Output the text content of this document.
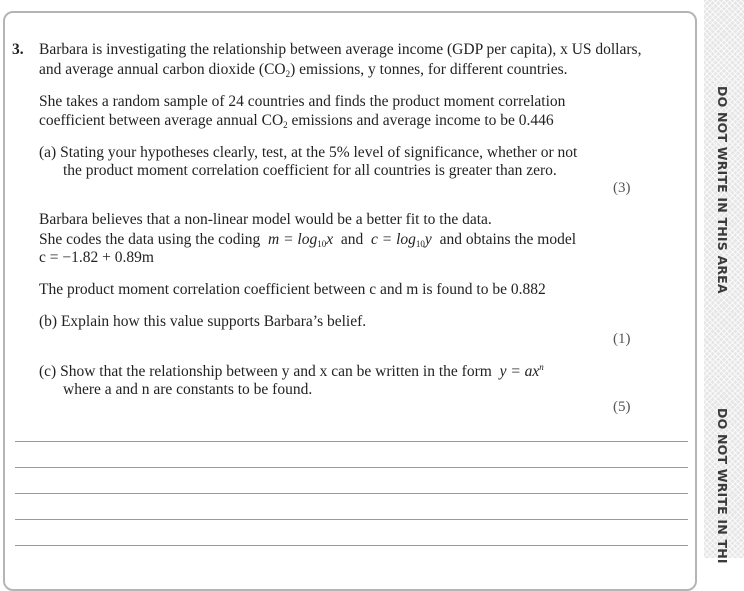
DO NOT WRITE IN THIS AREA
DO NOT WRITE IN THI
3. Barbara is investigating the relationship between average income (GDP per capita), x US dollars,
and average annual carbon dioxide $(CO_2)$ emissions, y tonnes, for different countries.
She takes a random sample of 24 countries and finds the product moment correlation
coefficient between average annual $CO_2$ emissions and average income to be 0.446
(a) Stating your hypotheses clearly, test, at the 5% level of significance, whether or not
the product moment correlation coefficient for all countries is greater than zero.
(3)
Barbara believes that a non-linear model would be a better fit to the data.
She codes the data using the coding $m = \log_{10}x$ and $c = \log_{10}y$ and obtains the model
c = −1.82 + 0.89m
The product moment correlation coefficient between c and m is found to be 0.882
(b) Explain how this value supports Barbara’s belief.
(1)
(c) Show that the relationship between y and x can be written in the form $y = ax^n$
where a and n are constants to be found.
(5)
